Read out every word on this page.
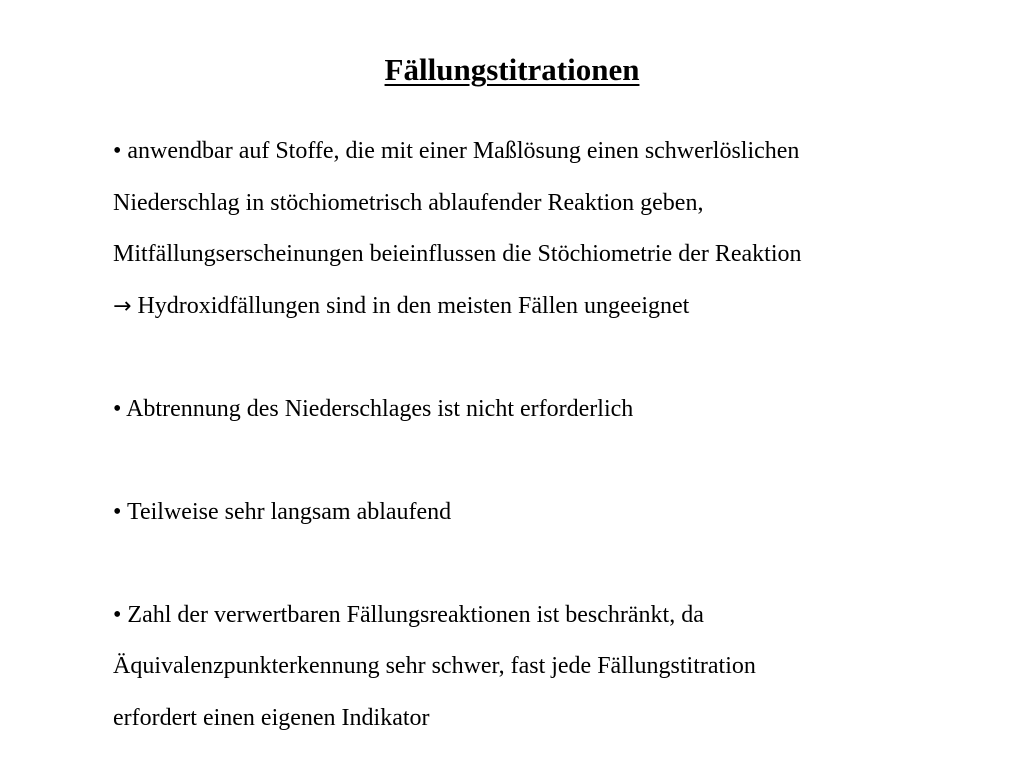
Fällungstitrationen
• anwendbar auf Stoffe, die mit einer Maßlösung einen schwerlöslichen
Niederschlag in stöchiometrisch ablaufender Reaktion geben,
Mitfällungserscheinungen beieinflussen die Stöchiometrie der Reaktion
→ Hydroxidfällungen sind in den meisten Fällen ungeeignet
• Abtrennung des Niederschlages ist nicht erforderlich
• Teilweise sehr langsam ablaufend
• Zahl der verwertbaren Fällungsreaktionen ist beschränkt, da
Äquivalenzpunkterkennung sehr schwer, fast jede Fällungstitration
erfordert einen eigenen Indikator
